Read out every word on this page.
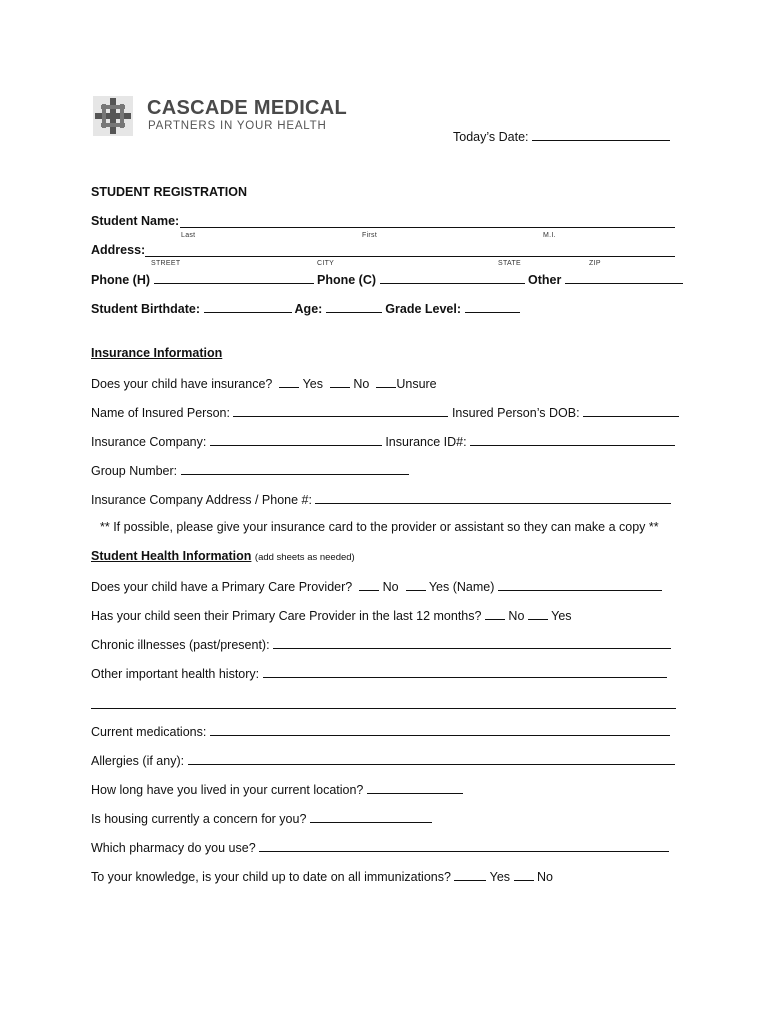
CASCADE MEDICAL
PARTNERS IN YOUR HEALTH
Today’s Date:
STUDENT REGISTRATION
Student Name:
Last	First	M.I.
Address:
STREET	CITY	STATE	ZIP
Phone (H)	Phone (C)	Other
Student Birthdate:	Age:	Grade Level:
Insurance Information
Does your child have insurance? Yes No Unsure
Name of Insured Person:	Insured Person’s DOB:
Insurance Company:	Insurance ID#:
Group Number:
Insurance Company Address / Phone #:
** If possible, please give your insurance card to the provider or assistant so they can make a copy **
Student Health Information (add sheets as needed)
Does your child have a Primary Care Provider? No Yes (Name)
Has your child seen their Primary Care Provider in the last 12 months? No Yes
Chronic illnesses (past/present):
Other important health history:
Current medications:
Allergies (if any):
How long have you lived in your current location?
Is housing currently a concern for you?
Which pharmacy do you use?
To your knowledge, is your child up to date on all immunizations?	Yes No
